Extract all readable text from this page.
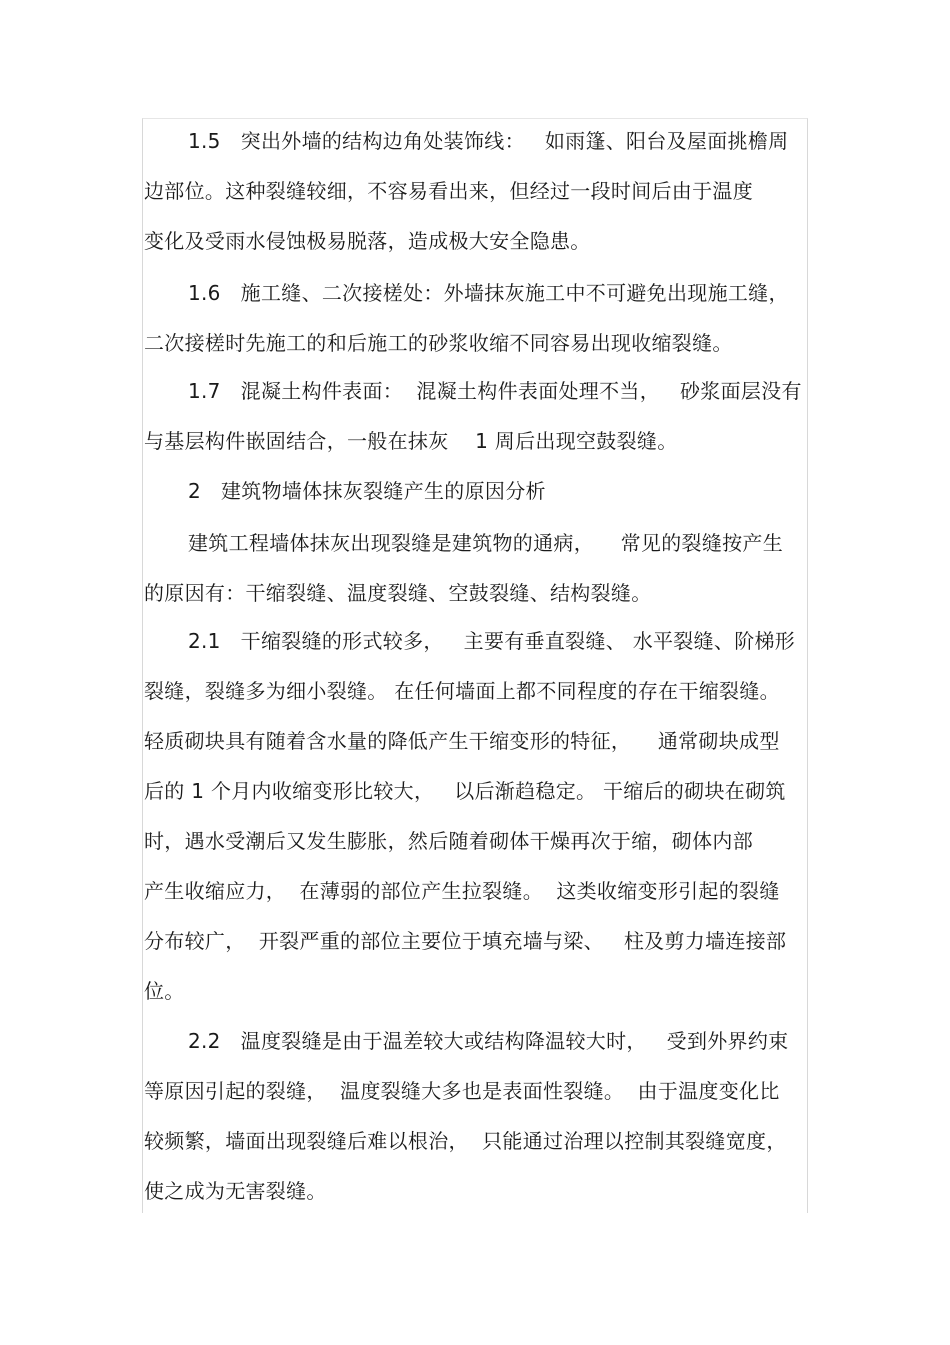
1.5   突出外墙的结构边角处装饰线：   如雨篷、阳台及屋面挑檐周
边部位。这种裂缝较细，不容易看出来，但经过一段时间后由于温度
变化及受雨水侵蚀极易脱落，造成极大安全隐患。
1.6   施工缝、二次接槎处：外墙抹灰施工中不可避免出现施工缝，
二次接槎时先施工的和后施工的砂浆收缩不同容易出现收缩裂缝。
1.7   混凝土构件表面：  混凝土构件表面处理不当，   砂浆面层没有
与基层构件嵌固结合，一般在抹灰    1 周后出现空鼓裂缝。
2   建筑物墙体抹灰裂缝产生的原因分析
建筑工程墙体抹灰出现裂缝是建筑物的通病，    常见的裂缝按产生
的原因有：干缩裂缝、温度裂缝、空鼓裂缝、结构裂缝。
2.1   干缩裂缝的形式较多，   主要有垂直裂缝、 水平裂缝、阶梯形
裂缝，裂缝多为细小裂缝。 在任何墙面上都不同程度的存在干缩裂缝。
轻质砌块具有随着含水量的降低产生干缩变形的特征，    通常砌块成型
后的 1 个月内收缩变形比较大，   以后渐趋稳定。 干缩后的砌块在砌筑
时，遇水受潮后又发生膨胀，然后随着砌体干燥再次于缩，砌体内部
产生收缩应力，  在薄弱的部位产生拉裂缝。  这类收缩变形引起的裂缝
分布较广，  开裂严重的部位主要位于填充墙与梁、   柱及剪力墙连接部
位。
2.2   温度裂缝是由于温差较大或结构降温较大时，   受到外界约束
等原因引起的裂缝，  温度裂缝大多也是表面性裂缝。  由于温度变化比
较频繁，墙面出现裂缝后难以根治，  只能通过治理以控制其裂缝宽度，
使之成为无害裂缝。
